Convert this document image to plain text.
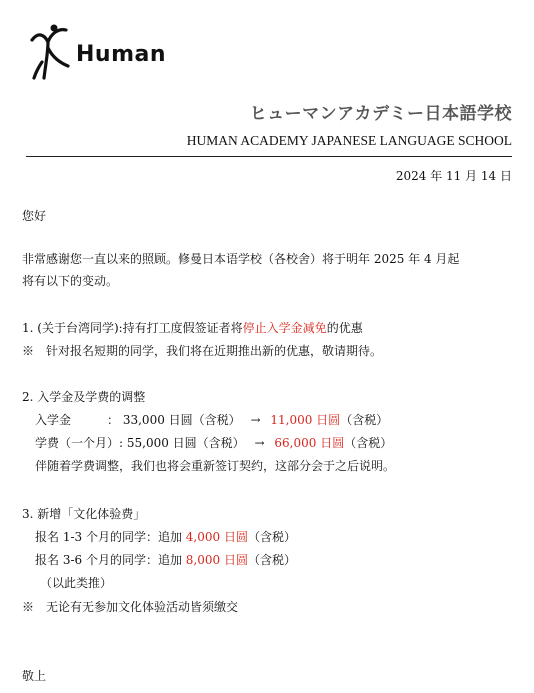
Human
ヒューマンアカデミー日本語学校
HUMAN ACADEMY JAPANESE LANGUAGE SCHOOL
2024 年 11 月 14 日
您好
非常感谢您一直以来的照顾。修曼日本语学校（各校舍）将于明年 2025 年 4 月起
将有以下的变动。
1. (关于台湾同学):持有打工度假签证者将停止入学金减免的优惠
※　针对报名短期的同学，我们将在近期推出新的优惠，敬请期待。
2. 入学金及学费的调整
入学金　　　： 33,000 日圆（含税） → 11,000 日圆（含税）
学费（一个月）: 55,000 日圆（含税） → 66,000 日圆（含税）
伴随着学费调整，我们也将会重新签订契约，这部分会于之后说明。
3. 新增「文化体验费」
报名 1-3 个月的同学：追加 4,000 日圆（含税）
报名 3-6 个月的同学：追加 8,000 日圆（含税）
（以此类推）
※　无论有无参加文化体验活动皆须缴交
敬上
